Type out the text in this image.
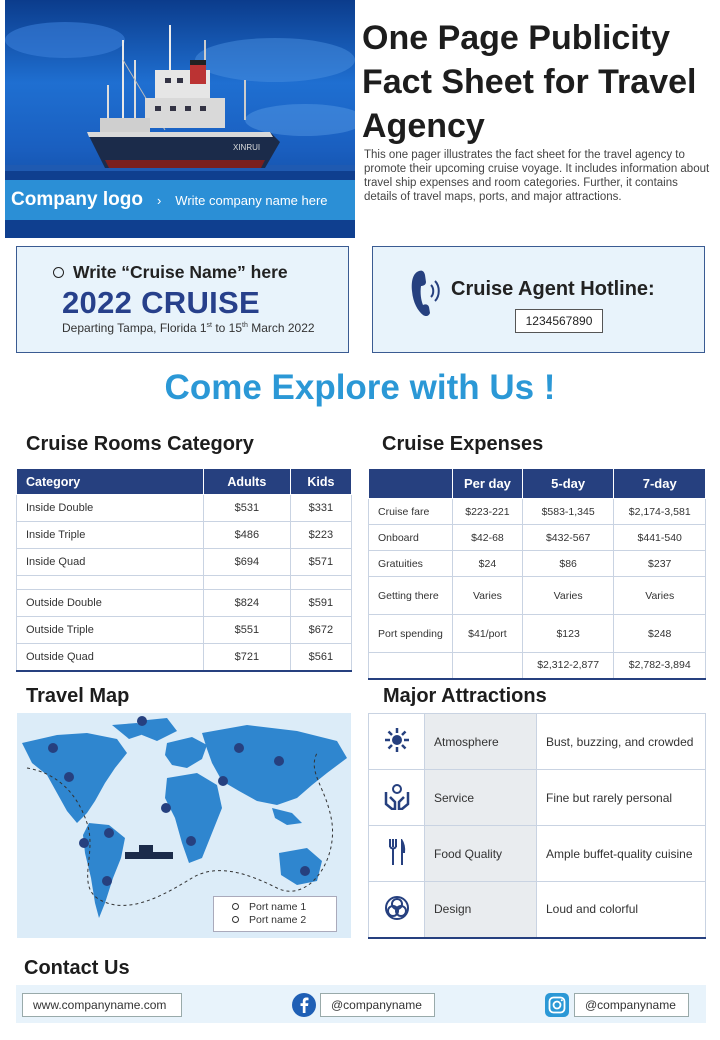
XINRUI
Company logo › Write company name here
One Page Publicity Fact Sheet for Travel Agency
This one pager illustrates the fact sheet for the travel agency to promote their upcoming cruise voyage. It includes information about travel ship expenses and room categories. Further, it contains details of travel maps, ports, and major attractions.
Write “Cruise Name” here
2022 CRUISE
Departing Tampa, Florida 1st to 15th March 2022
Cruise Agent Hotline:
1234567890
Come Explore with Us !
Cruise Rooms Category	Cruise Expenses
Category	Adults	Kids
Inside Double	$531	$331
Inside Triple	$486	$223
Inside Quad	$694	$571

Outside Double	$824	$591
Outside Triple	$551	$672
Outside Quad	$721	$561
	Per day	5-day	7-day
Cruise fare	$223-221	$583-1,345	$2,174-3,581
Onboard	$42-68	$432-567	$441-540
Gratuities	$24	$86	$237
Getting there	Varies	Varies	Varies
Port spending	$41/port	$123	$248
		$2,312-2,877	$2,782-3,894
Travel Map
Port name 1
Port name 2
Major Attractions
	Atmosphere	Bust, buzzing, and crowded
	Service	Fine but rarely personal
	Food Quality	Ample buffet-quality cuisine
	Design	Loud and colorful
Contact Us
www.companyname.com	@companyname	@companyname
